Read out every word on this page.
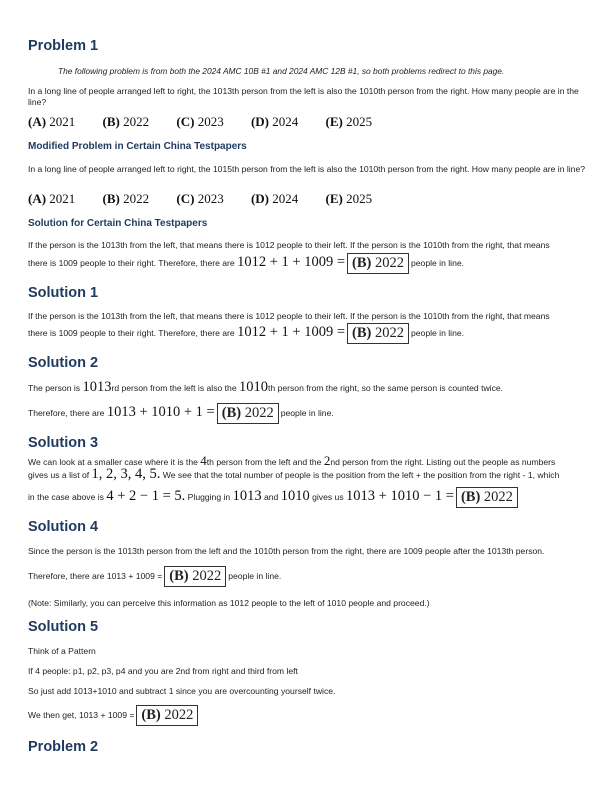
Problem 1

The following problem is from both the 2024 AMC 10B #1 and 2024 AMC 12B #1, so both problems redirect to this page.

In a long line of people arranged left to right, the 1013th person from the left is also the 1010th person from the right. How many people are in the line?

(A) 2021 (B) 2022 (C) 2023 (D) 2024 (E) 2025
Modified Problem in Certain China Testpapers

In a long line of people arranged left to right, the 1015th person from the left is also the 1010th person from the right. How many people are in line?

(A) 2021 (B) 2022 (C) 2023 (D) 2024 (E) 2025
Solution for Certain China Testpapers

If the person is the 1013th from the left, that means there is 1012 people to their left. If the person is the 1010th from the right, that means

there is 1009 people to their right. Therefore, there are 1012 + 1 + 1009 = (B) 2022 people in line.
Solution 1

If the person is the 1013th from the left, that means there is 1012 people to their left. If the person is the 1010th from the right, that means

there is 1009 people to their right. Therefore, there are 1012 + 1 + 1009 = (B) 2022 people in line.
Solution 2
The person is 1013rd person from the left is also the 1010th person from the right, so the same person is counted twice.
Therefore, there are 1013 + 1010 + 1 = (B) 2022 people in line.
Solution 3
We can look at a smaller case where it is the 4th person from the left and the 2nd person from the right. Listing out the people as numbers
gives us a list of 1, 2, 3, 4, 5. We see that the total number of people is the position from the left + the position from the right - 1, which
in the case above is 4 + 2 − 1 = 5. Plugging in 1013 and 1010 gives us 1013 + 1010 − 1 = (B) 2022
Solution 4

Since the person is the 1013th person from the left and the 1010th person from the right, there are 1009 people after the 1013th person.

Therefore, there are 1013 + 1009 = (B) 2022 people in line.

(Note: Similarly, you can perceive this information as 1012 people to the left of 1010 people and proceed.)

Solution 5

Think of a Pattern

If 4 people: p1, p2, p3, p4 and you are 2nd from right and third from left

So just add 1013+1010 and subtract 1 since you are overcounting yourself twice.

We then get, 1013 + 1009 = (B) 2022
Problem 2
